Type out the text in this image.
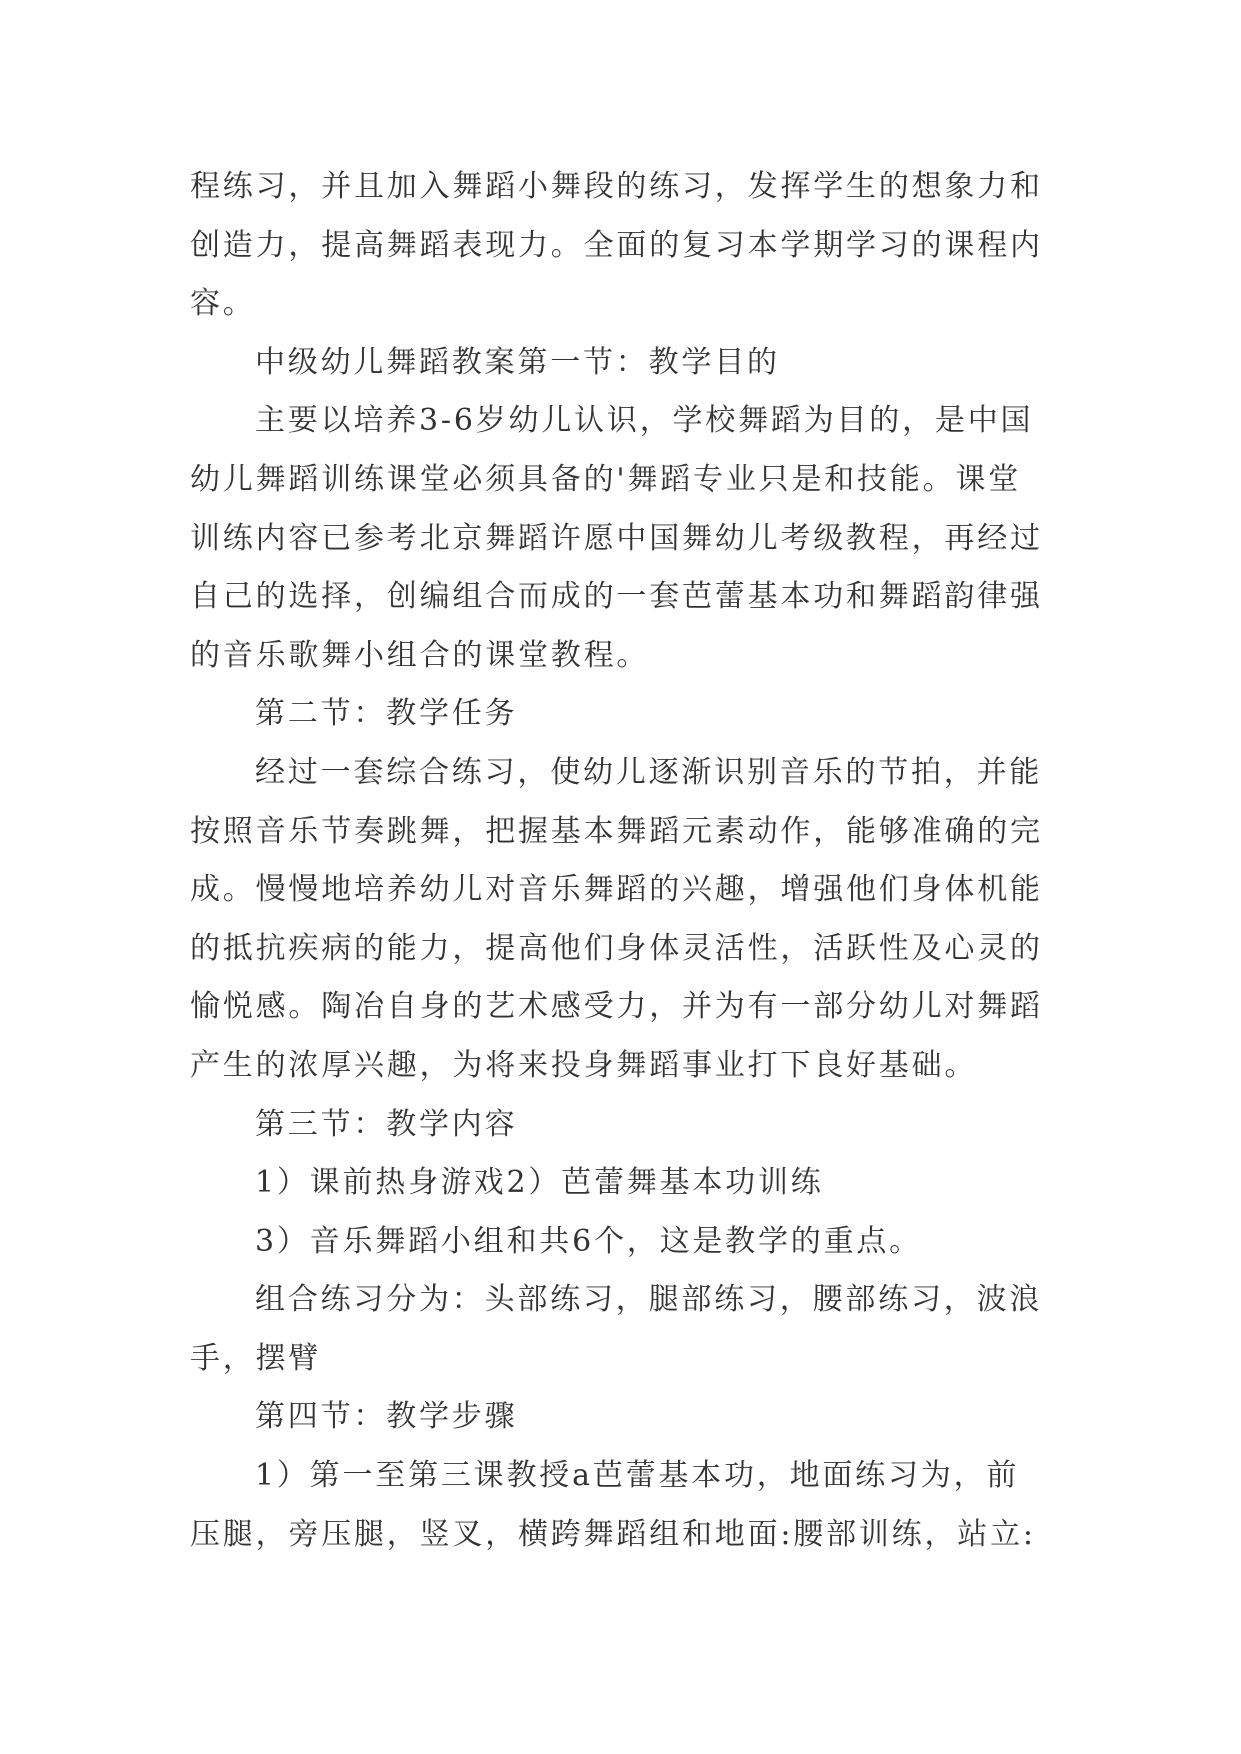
程练习，并且加入舞蹈小舞段的练习，发挥学生的想象力和
创造力，提高舞蹈表现力。全面的复习本学期学习的课程内
容。

中级幼儿舞蹈教案第一节：教学目的

主要以培养3-6岁幼儿认识，学校舞蹈为目的，是中国
幼儿舞蹈训练课堂必须具备的'舞蹈专业只是和技能。课堂
训练内容已参考北京舞蹈许愿中国舞幼儿考级教程，再经过
自己的选择，创编组合而成的一套芭蕾基本功和舞蹈韵律强
的音乐歌舞小组合的课堂教程。

第二节：教学任务

经过一套综合练习，使幼儿逐渐识别音乐的节拍，并能
按照音乐节奏跳舞，把握基本舞蹈元素动作，能够准确的完
成。慢慢地培养幼儿对音乐舞蹈的兴趣，增强他们身体机能
的抵抗疾病的能力，提高他们身体灵活性，活跃性及心灵的
愉悦感。陶冶自身的艺术感受力，并为有一部分幼儿对舞蹈
产生的浓厚兴趣，为将来投身舞蹈事业打下良好基础。

第三节：教学内容

1）课前热身游戏2）芭蕾舞基本功训练

3）音乐舞蹈小组和共6个，这是教学的重点。

组合练习分为：头部练习，腿部练习，腰部练习，波浪
手，摆臂

第四节：教学步骤

1）第一至第三课教授a芭蕾基本功，地面练习为，前
压腿，旁压腿，竖叉，横跨舞蹈组和地面:腰部训练，站立:
